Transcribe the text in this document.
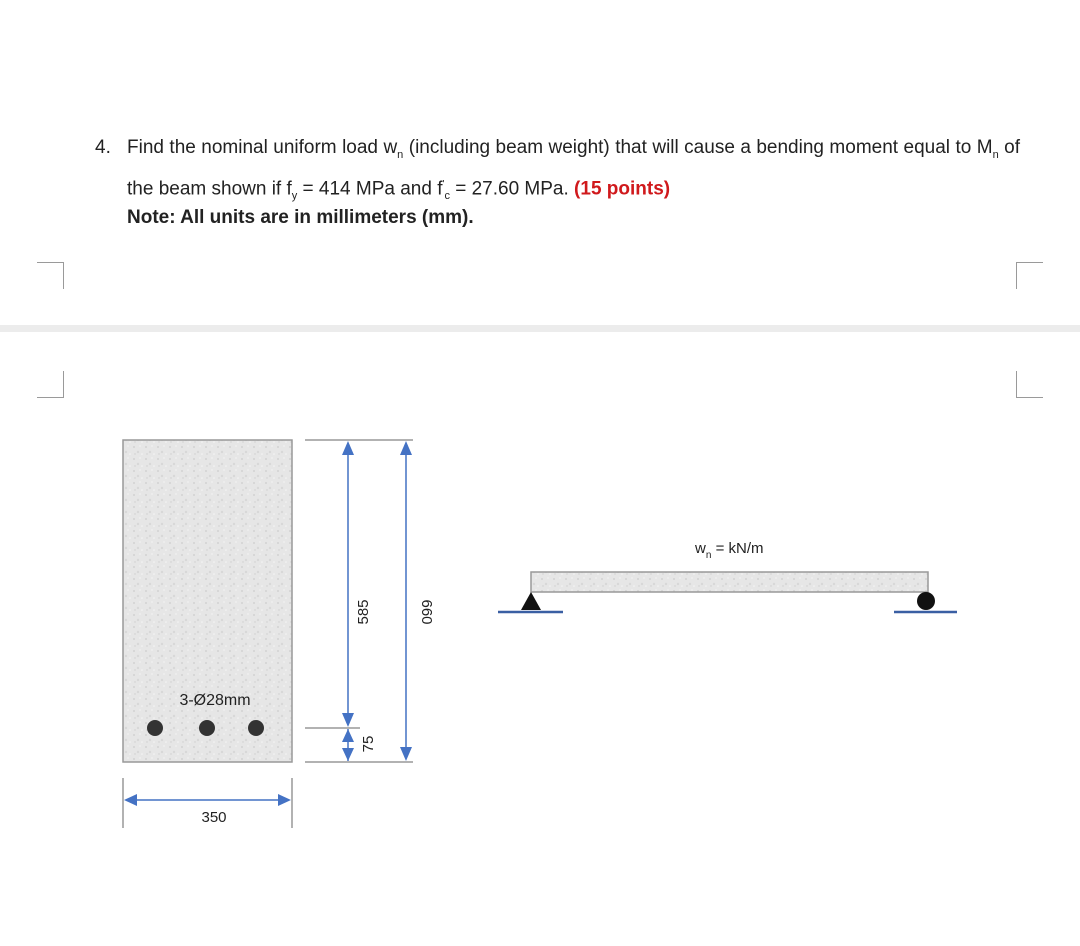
4. Find the nominal uniform load $w_n$ (including beam weight) that will cause a bending moment equal to $M_n$ of the beam shown if $f_y = 414$ MPa and $f'_c = 27.60$ MPa. (15 points)
Note: All units are in millimeters (mm).
3-Ø28mm
350
585
75
660
$w_n = kN/m$
